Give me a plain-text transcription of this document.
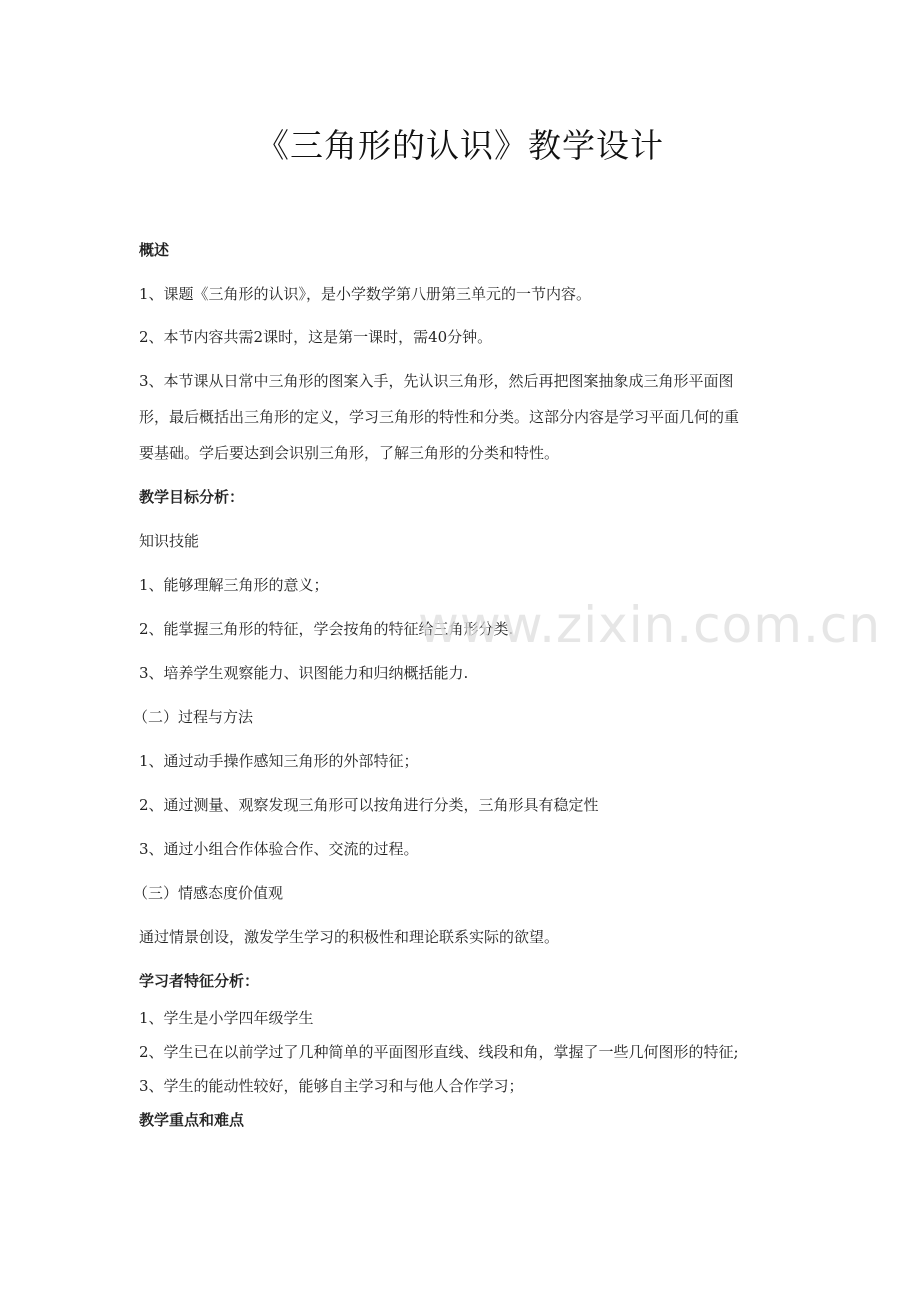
《三角形的认识》教学设计
概述
1、课题《三角形的认识》，是小学数学第八册第三单元的一节内容。
2、本节内容共需2课时，这是第一课时，需40分钟。
3、本节课从日常中三角形的图案入手，先认识三角形，然后再把图案抽象成三角形平面图
形，最后概括出三角形的定义，学习三角形的特性和分类。这部分内容是学习平面几何的重
要基础。学后要达到会识别三角形，了解三角形的分类和特性。
教学目标分析：
知识技能
1、能够理解三角形的意义；
2、能掌握三角形的特征，学会按角的特征给三角形分类.
3、培养学生观察能力、识图能力和归纳概括能力.
（二）过程与方法
1、通过动手操作感知三角形的外部特征；
2、通过测量、观察发现三角形可以按角进行分类，三角形具有稳定性
3、通过小组合作体验合作、交流的过程。
（三）情感态度价值观
通过情景创设，激发学生学习的积极性和理论联系实际的欲望。
学习者特征分析：
1、学生是小学四年级学生
2、学生已在以前学过了几种简单的平面图形直线、线段和角，掌握了一些几何图形的特征;
3、学生的能动性较好，能够自主学习和与他人合作学习；
教学重点和难点
www.zixin.com.cn
